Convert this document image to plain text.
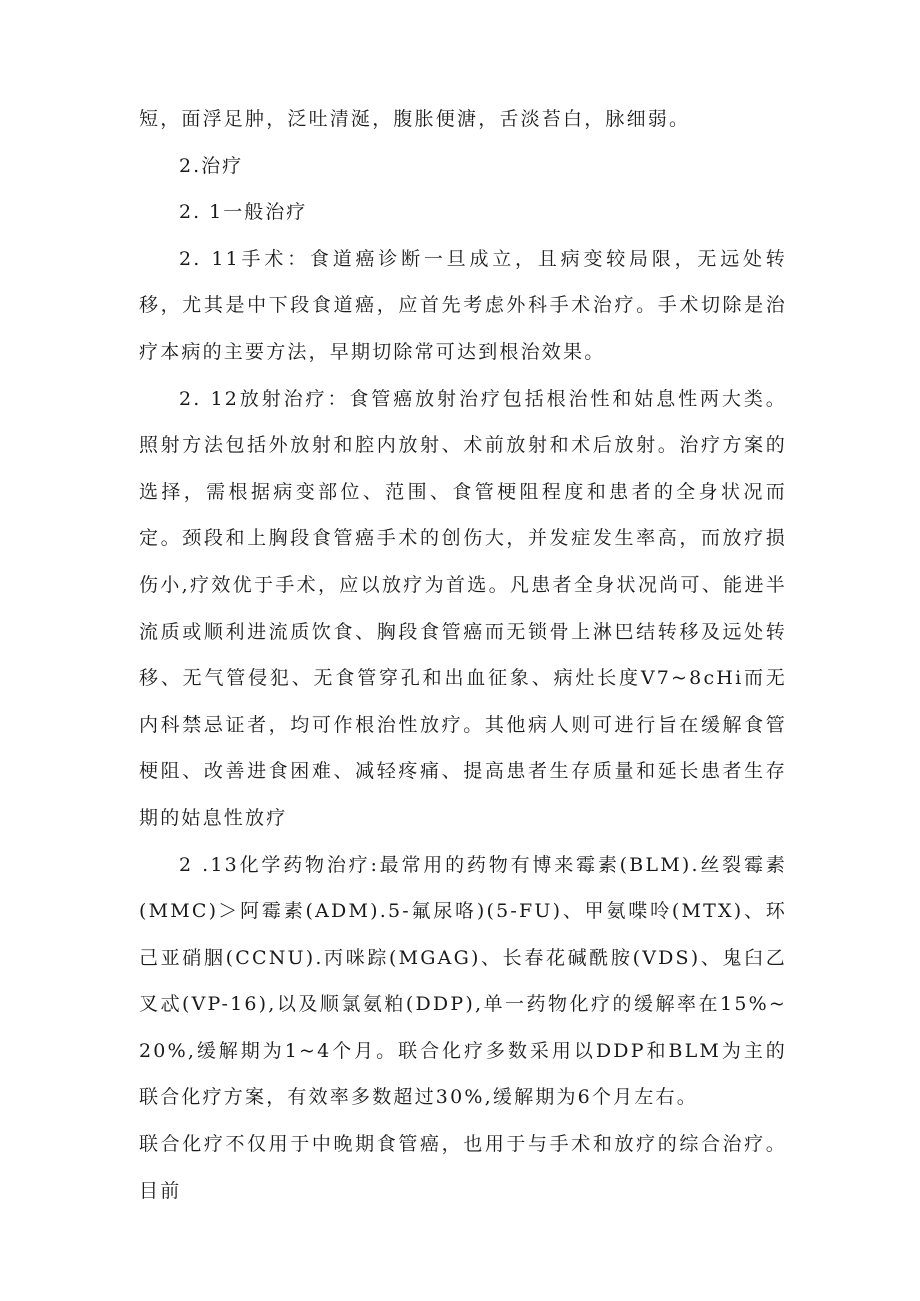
短，面浮足肿，泛吐清涎，腹胀便溏，舌淡苔白，脉细弱。

2.治疗

2. 1一般治疗

2. 11手术：食道癌诊断一旦成立，且病变较局限，无远处转移，尤其是中下段食道癌，应首先考虑外科手术治疗。手术切除是治疗本病的主要方法，早期切除常可达到根治效果。

2. 12放射治疗：食管癌放射治疗包括根治性和姑息性两大类。照射方法包括外放射和腔内放射、术前放射和术后放射。治疗方案的选择，需根据病变部位、范围、食管梗阻程度和患者的全身状况而定。颈段和上胸段食管癌手术的创伤大，并发症发生率高，而放疗损伤小,疗效优于手术，应以放疗为首选。凡患者全身状况尚可、能进半流质或顺利进流质饮食、胸段食管癌而无锁骨上淋巴结转移及远处转移、无气管侵犯、无食管穿孔和出血征象、病灶长度V7~8cHi而无内科禁忌证者，均可作根治性放疗。其他病人则可进行旨在缓解食管梗阻、改善进食困难、减轻疼痛、提高患者生存质量和延长患者生存期的姑息性放疗

2 .13化学药物治疗:最常用的药物有博来霉素(BLM).丝裂霉素(MMC)＞阿霉素(ADM).5-氟尿咯)(5-FU)、甲氨喋呤(MTX)、环己亚硝胭(CCNU).丙咪踪(MGAG)、长春花碱酰胺(VDS)、鬼臼乙叉忒(VP-16),以及顺氯氨粕(DDP),单一药物化疗的缓解率在15%~20%,缓解期为1~4个月。联合化疗多数采用以DDP和BLM为主的联合化疗方案，有效率多数超过30%,缓解期为6个月左右。

联合化疗不仅用于中晚期食管癌，也用于与手术和放疗的综合治疗。目前
